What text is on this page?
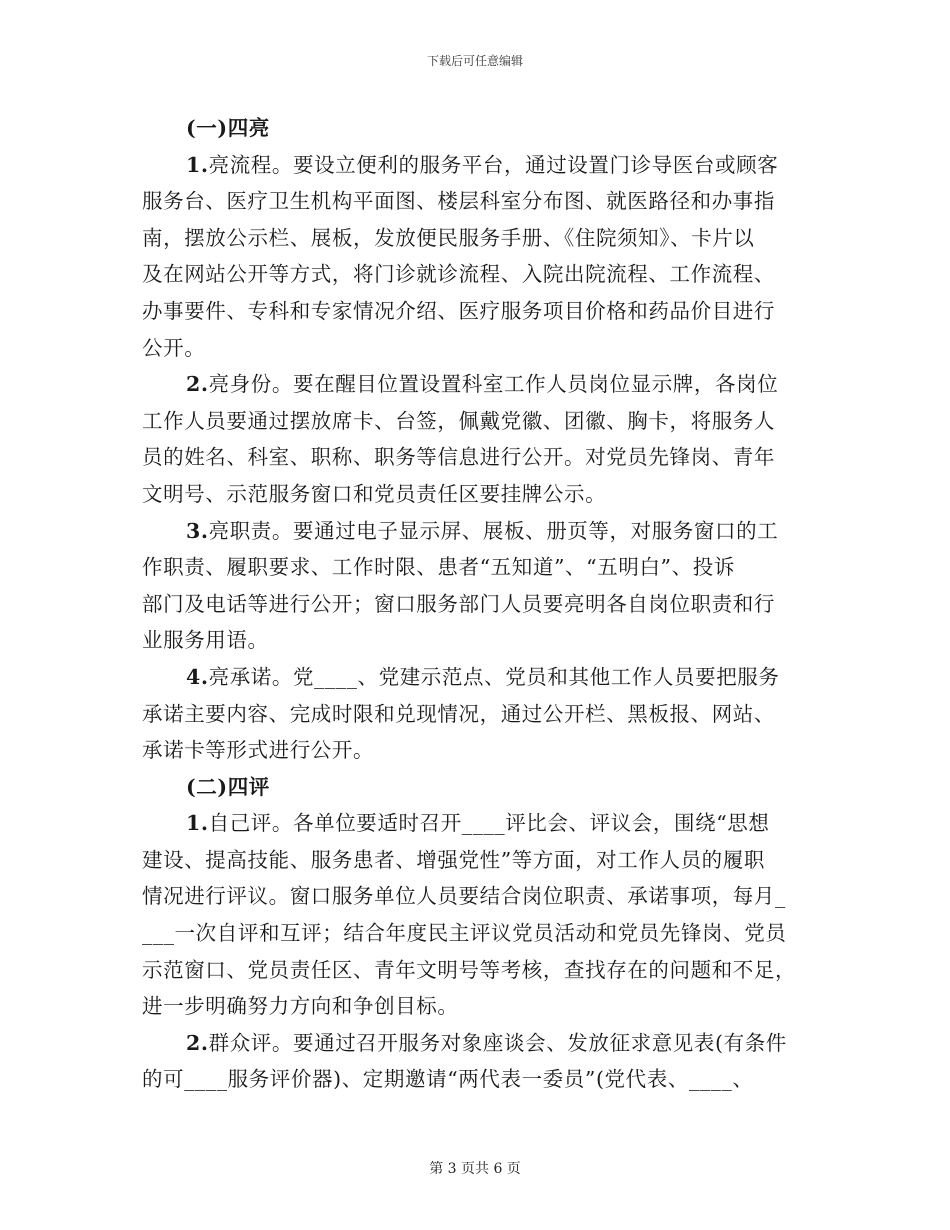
下载后可任意编辑
(一)四亮
1.亮流程。要设立便利的服务平台，通过设置门诊导医台或顾客
服务台、医疗卫生机构平面图、楼层科室分布图、就医路径和办事指
南，摆放公示栏、展板，发放便民服务手册、《住院须知》、卡片以
及在网站公开等方式，将门诊就诊流程、入院出院流程、工作流程、
办事要件、专科和专家情况介绍、医疗服务项目价格和药品价目进行
公开。
2.亮身份。要在醒目位置设置科室工作人员岗位显示牌，各岗位
工作人员要通过摆放席卡、台签，佩戴党徽、团徽、胸卡，将服务人
员的姓名、科室、职称、职务等信息进行公开。对党员先锋岗、青年
文明号、示范服务窗口和党员责任区要挂牌公示。
3.亮职责。要通过电子显示屏、展板、册页等，对服务窗口的工
作职责、履职要求、工作时限、患者“五知道”、“五明白”、投诉
部门及电话等进行公开；窗口服务部门人员要亮明各自岗位职责和行
业服务用语。
4.亮承诺。党____、党建示范点、党员和其他工作人员要把服务
承诺主要内容、完成时限和兑现情况，通过公开栏、黑板报、网站、
承诺卡等形式进行公开。
(二)四评
1.自己评。各单位要适时召开____评比会、评议会，围绕“思想
建设、提高技能、服务患者、增强党性”等方面，对工作人员的履职
情况进行评议。窗口服务单位人员要结合岗位职责、承诺事项，每月_
___一次自评和互评；结合年度民主评议党员活动和党员先锋岗、党员
示范窗口、党员责任区、青年文明号等考核，查找存在的问题和不足，
进一步明确努力方向和争创目标。
2.群众评。要通过召开服务对象座谈会、发放征求意见表(有条件
的可____服务评价器)、定期邀请“两代表一委员”(党代表、____、
第 3 页共 6 页
